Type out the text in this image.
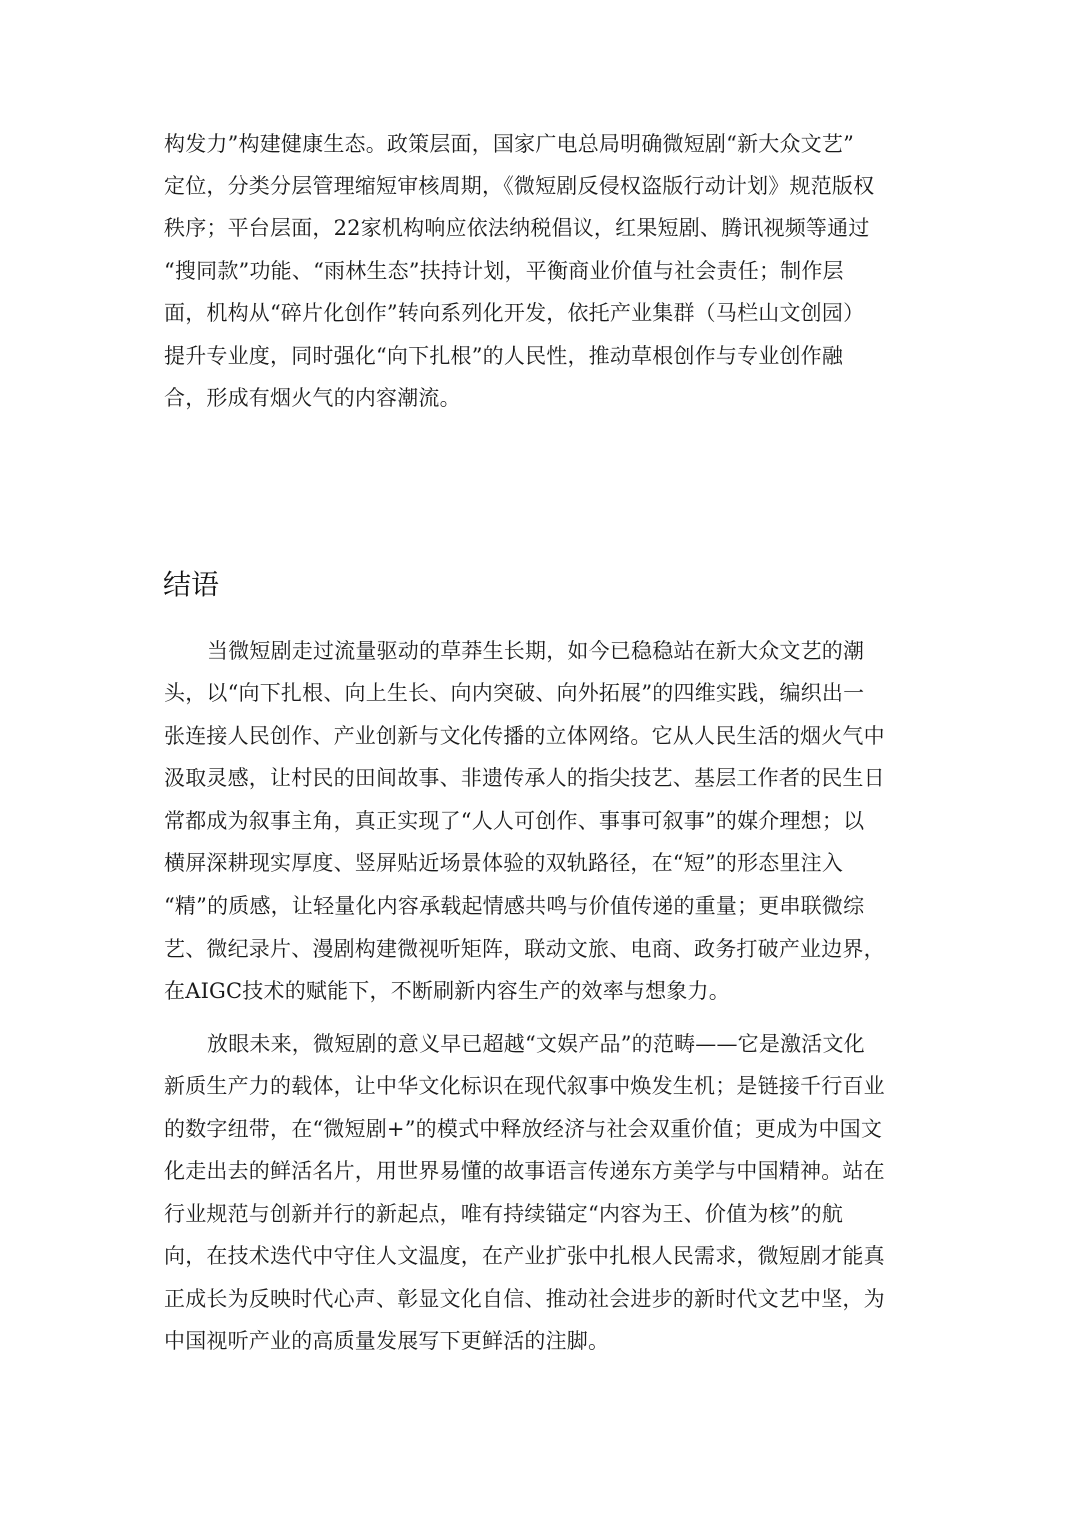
构发力”构建健康生态。政策层面，国家广电总局明确微短剧“新大众文艺”

定位，分类分层管理缩短审核周期，《微短剧反侵权盗版行动计划》规范版权

秩序；平台层面，22家机构响应依法纳税倡议，红果短剧、腾讯视频等通过

“搜同款”功能、“雨林生态”扶持计划，平衡商业价值与社会责任；制作层

面，机构从“碎片化创作”转向系列化开发，依托产业集群（马栏山文创园）

提升专业度，同时强化“向下扎根”的人民性，推动草根创作与专业创作融

合，形成有烟火气的内容潮流。

结语

当微短剧走过流量驱动的草莽生长期，如今已稳稳站在新大众文艺的潮

头，以“向下扎根、向上生长、向内突破、向外拓展”的四维实践，编织出一

张连接人民创作、产业创新与文化传播的立体网络。它从人民生活的烟火气中

汲取灵感，让村民的田间故事、非遗传承人的指尖技艺、基层工作者的民生日

常都成为叙事主角，真正实现了“人人可创作、事事可叙事”的媒介理想；以

横屏深耕现实厚度、竖屏贴近场景体验的双轨路径，在“短”的形态里注入

“精”的质感，让轻量化内容承载起情感共鸣与价值传递的重量；更串联微综

艺、微纪录片、漫剧构建微视听矩阵，联动文旅、电商、政务打破产业边界，

在AIGC技术的赋能下，不断刷新内容生产的效率与想象力。

放眼未来，微短剧的意义早已超越“文娱产品”的范畴——它是激活文化

新质生产力的载体，让中华文化标识在现代叙事中焕发生机；是链接千行百业

的数字纽带，在“微短剧+”的模式中释放经济与社会双重价值；更成为中国文

化走出去的鲜活名片，用世界易懂的故事语言传递东方美学与中国精神。站在

行业规范与创新并行的新起点，唯有持续锚定“内容为王、价值为核”的航

向，在技术迭代中守住人文温度，在产业扩张中扎根人民需求，微短剧才能真

正成长为反映时代心声、彰显文化自信、推动社会进步的新时代文艺中坚，为

中国视听产业的高质量发展写下更鲜活的注脚。
